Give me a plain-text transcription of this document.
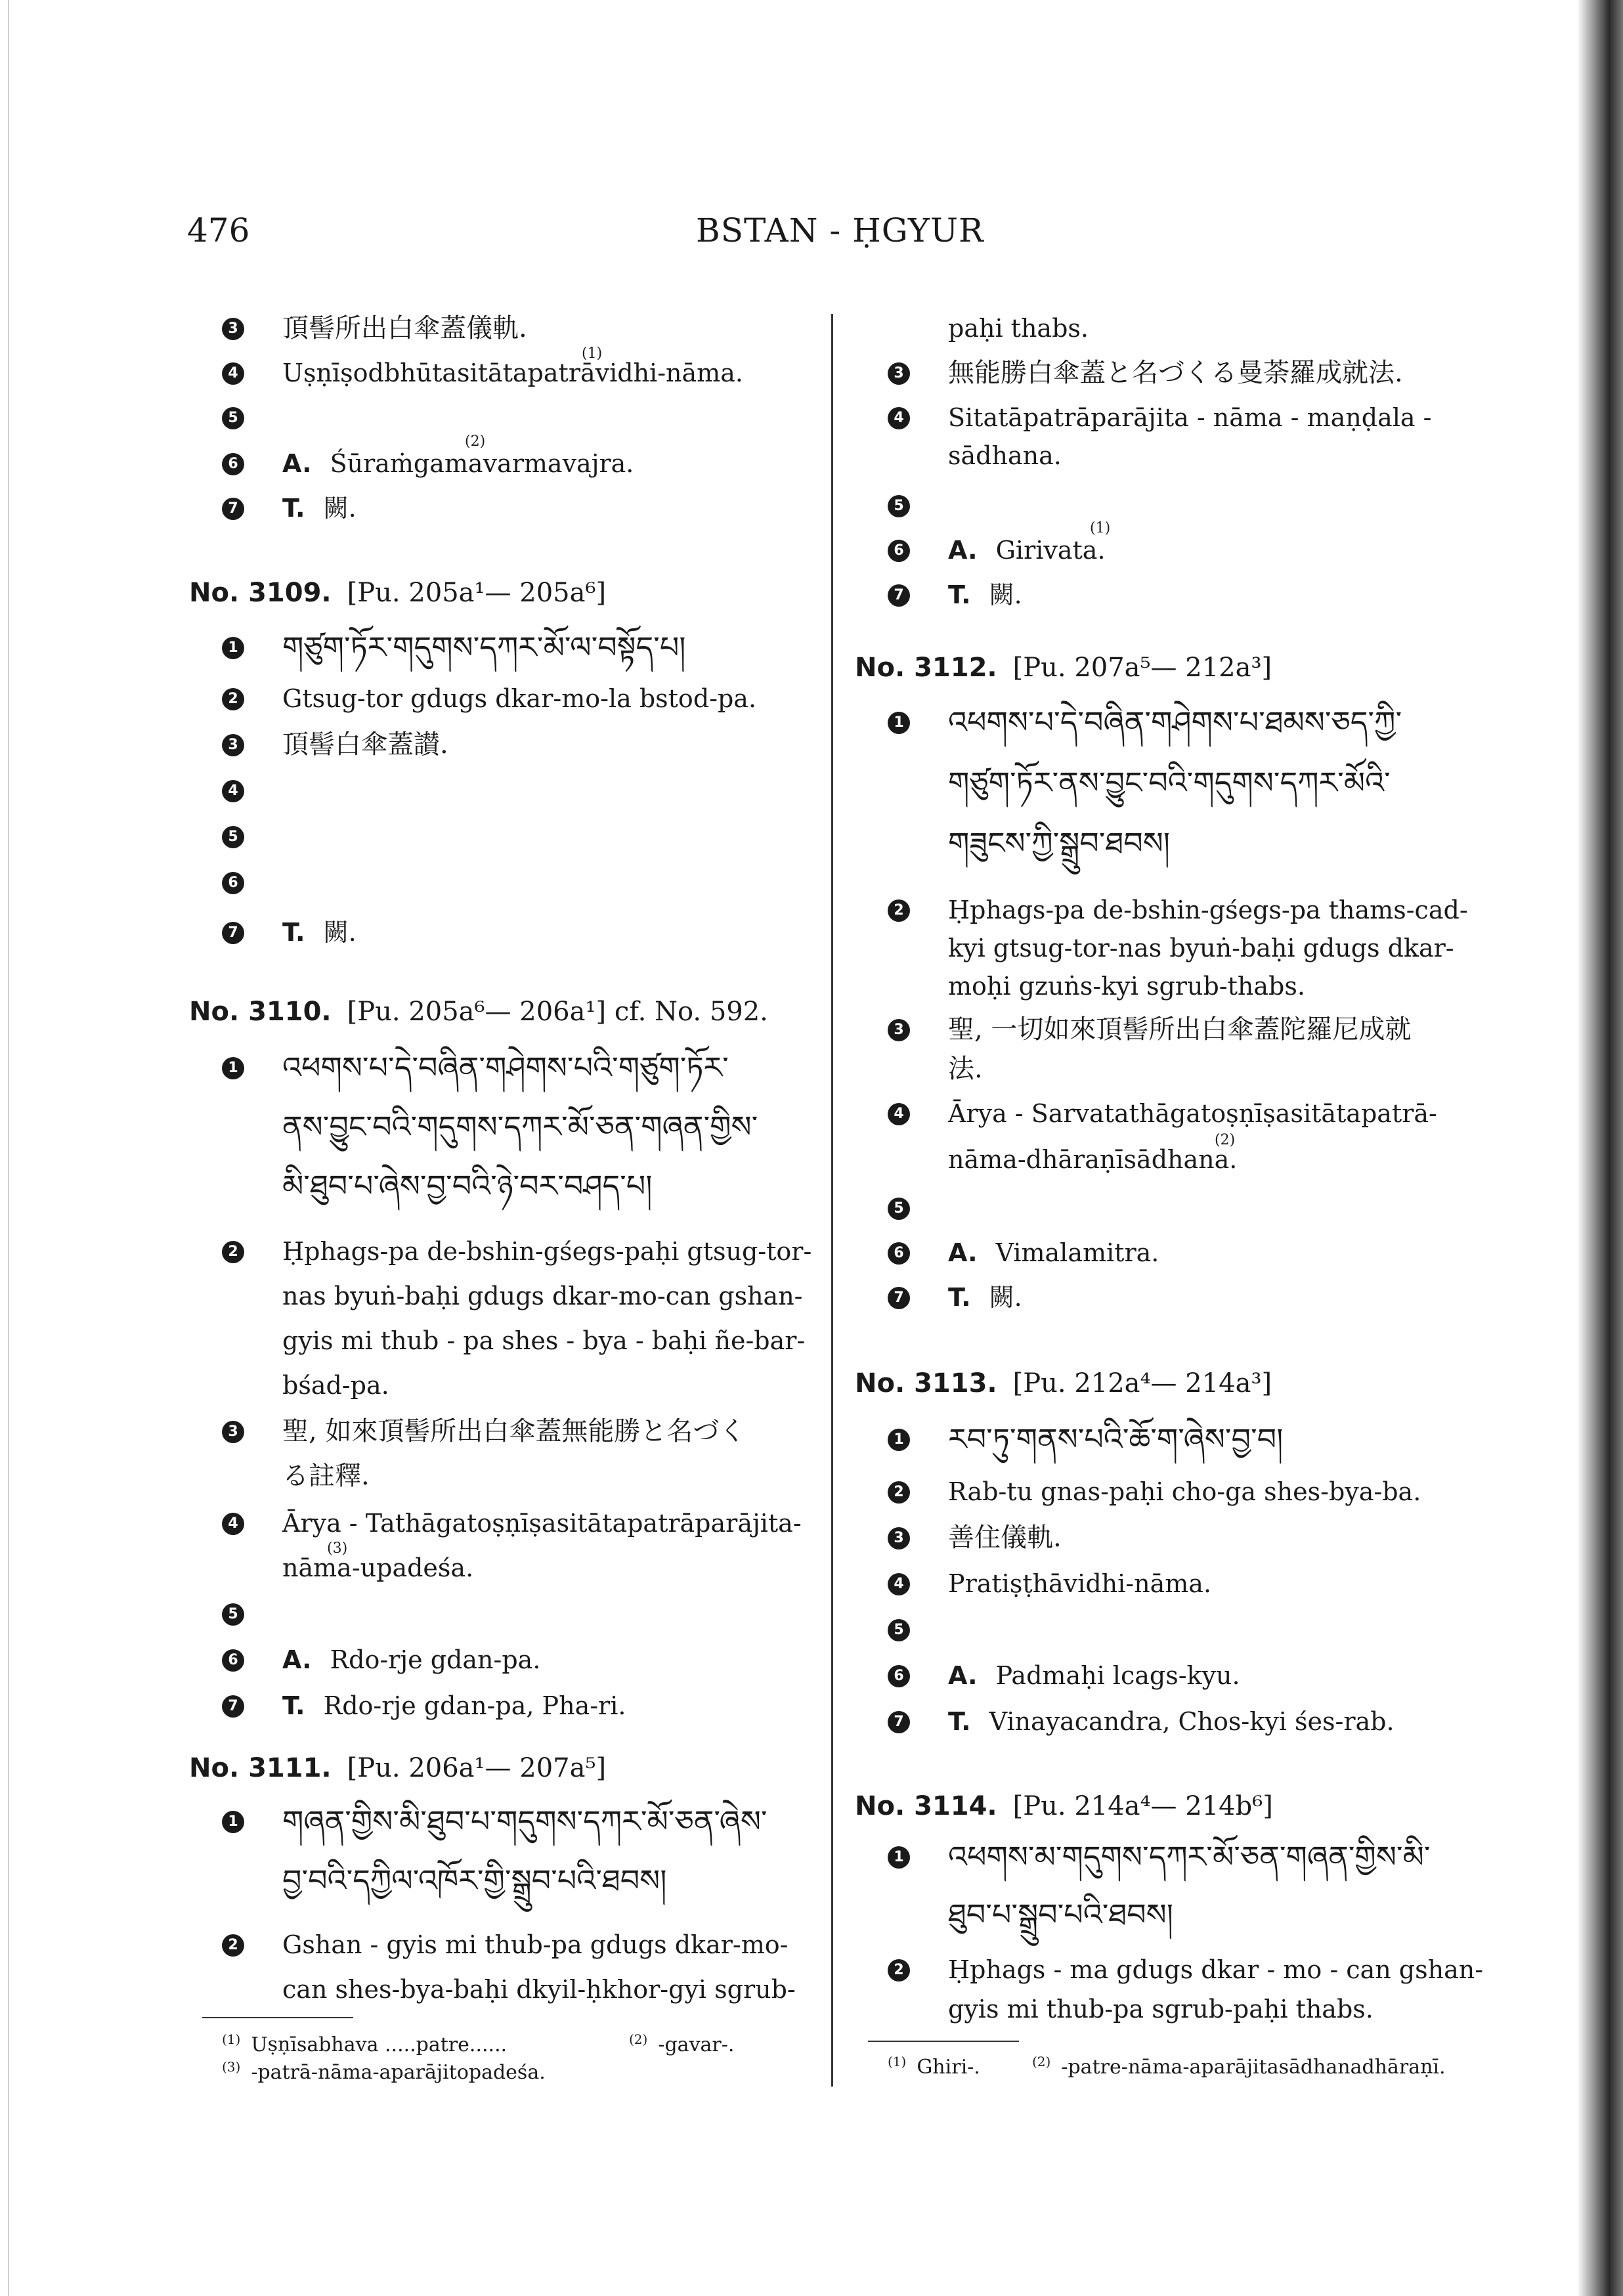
476	BSTAN - ḤGYUR
3 頂髻所出白傘蓋儀軌.
(1)
4 Uṣṇīṣodbhūtasitātapatrāvidhi-nāma.
5
(2)
6 A. Śūraṁgamavarmavajra.
7 T. 闕.
No. 3109. [Pu. 205a¹— 205a⁶]
1 གཙུག་ཏོར་གདུགས་དཀར་མོ་ལ་བསྟོད་པ།
2 Gtsug-tor gdugs dkar-mo-la bstod-pa.
3 頂髻白傘蓋讃.
4
5
6
7 T. 闕.
No. 3110. [Pu. 205a⁶— 206a¹] cf. No. 592.
1 འཕགས་པ་དེ་བཞིན་གཤེགས་པའི་གཙུག་ཏོར་
ནས་བྱུང་བའི་གདུགས་དཀར་མོ་ཅན་གཞན་གྱིས་
མི་ཐུབ་པ་ཞེས་བྱ་བའི་ཉེ་བར་བཤད་པ།
2 Ḥphags-pa de-bshin-gśegs-paḥi gtsug-tor-
nas byuṅ-baḥi gdugs dkar-mo-can gshan-
gyis mi thub - pa shes - bya - baḥi ñe-bar-
bśad-pa.
3 聖, 如來頂髻所出白傘蓋無能勝と名づく
る註釋.
4 Ārya - Tathāgatoṣṇīṣasitātapatrāparājita-
(3)
nāma-upadeśa.
5
6 A. Rdo-rje gdan-pa.
7 T. Rdo-rje gdan-pa, Pha-ri.
No. 3111. [Pu. 206a¹— 207a⁵]
1 གཞན་གྱིས་མི་ཐུབ་པ་གདུགས་དཀར་མོ་ཅན་ཞེས་
བྱ་བའི་དཀྱིལ་འཁོར་གྱི་སྒྲུབ་པའི་ཐབས།
2 Gshan - gyis mi thub-pa gdugs dkar-mo-
can shes-bya-baḥi dkyil-ḥkhor-gyi sgrub-
$^{(1)}$ Uṣṇīsabhava .....patre......	$^{(2)}$ -gavar-.
$^{(3)}$ -patrā-nāma-aparājitopadeśa.
paḥi thabs.
3 無能勝白傘蓋と名づくる曼荼羅成就法.
4 Sitatāpatrāparājita - nāma - maṇḍala -
sādhana.
5
(1)
6 A. Girivata.
7 T. 闕.
No. 3112. [Pu. 207a⁵— 212a³]
1 འཕགས་པ་དེ་བཞིན་གཤེགས་པ་ཐམས་ཅད་ཀྱི་
གཙུག་ཏོར་ནས་བྱུང་བའི་གདུགས་དཀར་མོའི་
གཟུངས་ཀྱི་སྒྲུབ་ཐབས།
2 Ḥphags-pa de-bshin-gśegs-pa thams-cad-
kyi gtsug-tor-nas byuṅ-baḥi gdugs dkar-
moḥi gzuṅs-kyi sgrub-thabs.
3 聖, 一切如來頂髻所出白傘蓋陀羅尼成就
法.
4 Ārya - Sarvatathāgatoṣṇīṣasitātapatrā-
(2)
nāma-dhāraṇīsādhana.
5
6 A. Vimalamitra.
7 T. 闕.
No. 3113. [Pu. 212a⁴— 214a³]
1 རབ་ཏུ་གནས་པའི་ཆོ་ག་ཞེས་བྱ་བ།
2 Rab-tu gnas-paḥi cho-ga shes-bya-ba.
3 善住儀軌.
4 Pratiṣṭhāvidhi-nāma.
5
6 A. Padmaḥi lcags-kyu.
7 T. Vinayacandra, Chos-kyi śes-rab.
No. 3114. [Pu. 214a⁴— 214b⁶]
1 འཕགས་མ་གདུགས་དཀར་མོ་ཅན་གཞན་གྱིས་མི་
ཐུབ་པ་སྒྲུབ་པའི་ཐབས།
2 Ḥphags - ma gdugs dkar - mo - can gshan-
gyis mi thub-pa sgrub-paḥi thabs.
$^{(1)}$ Ghiri-.	$^{(2)}$ -patre-nāma-aparājitasādhanadhāraṇī.
